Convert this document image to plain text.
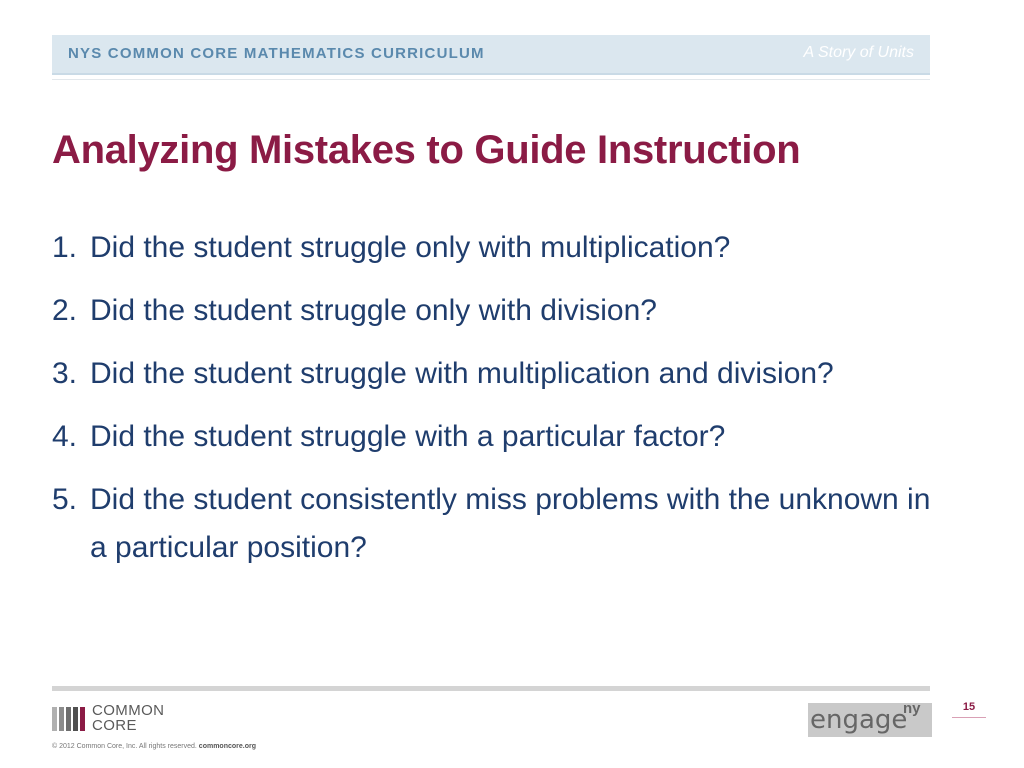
NYS COMMON CORE MATHEMATICS CURRICULUM	A Story of Units
Analyzing Mistakes to Guide Instruction
1. Did the student struggle only with multiplication?
2. Did the student struggle only with division?
3. Did the student struggle with multiplication and division?
4. Did the student struggle with a particular factor?
5. Did the student consistently miss problems with the unknown in a particular position?
COMMON
CORE
© 2012 Common Core, Inc. All rights reserved. commoncore.org
engage
ny	15
